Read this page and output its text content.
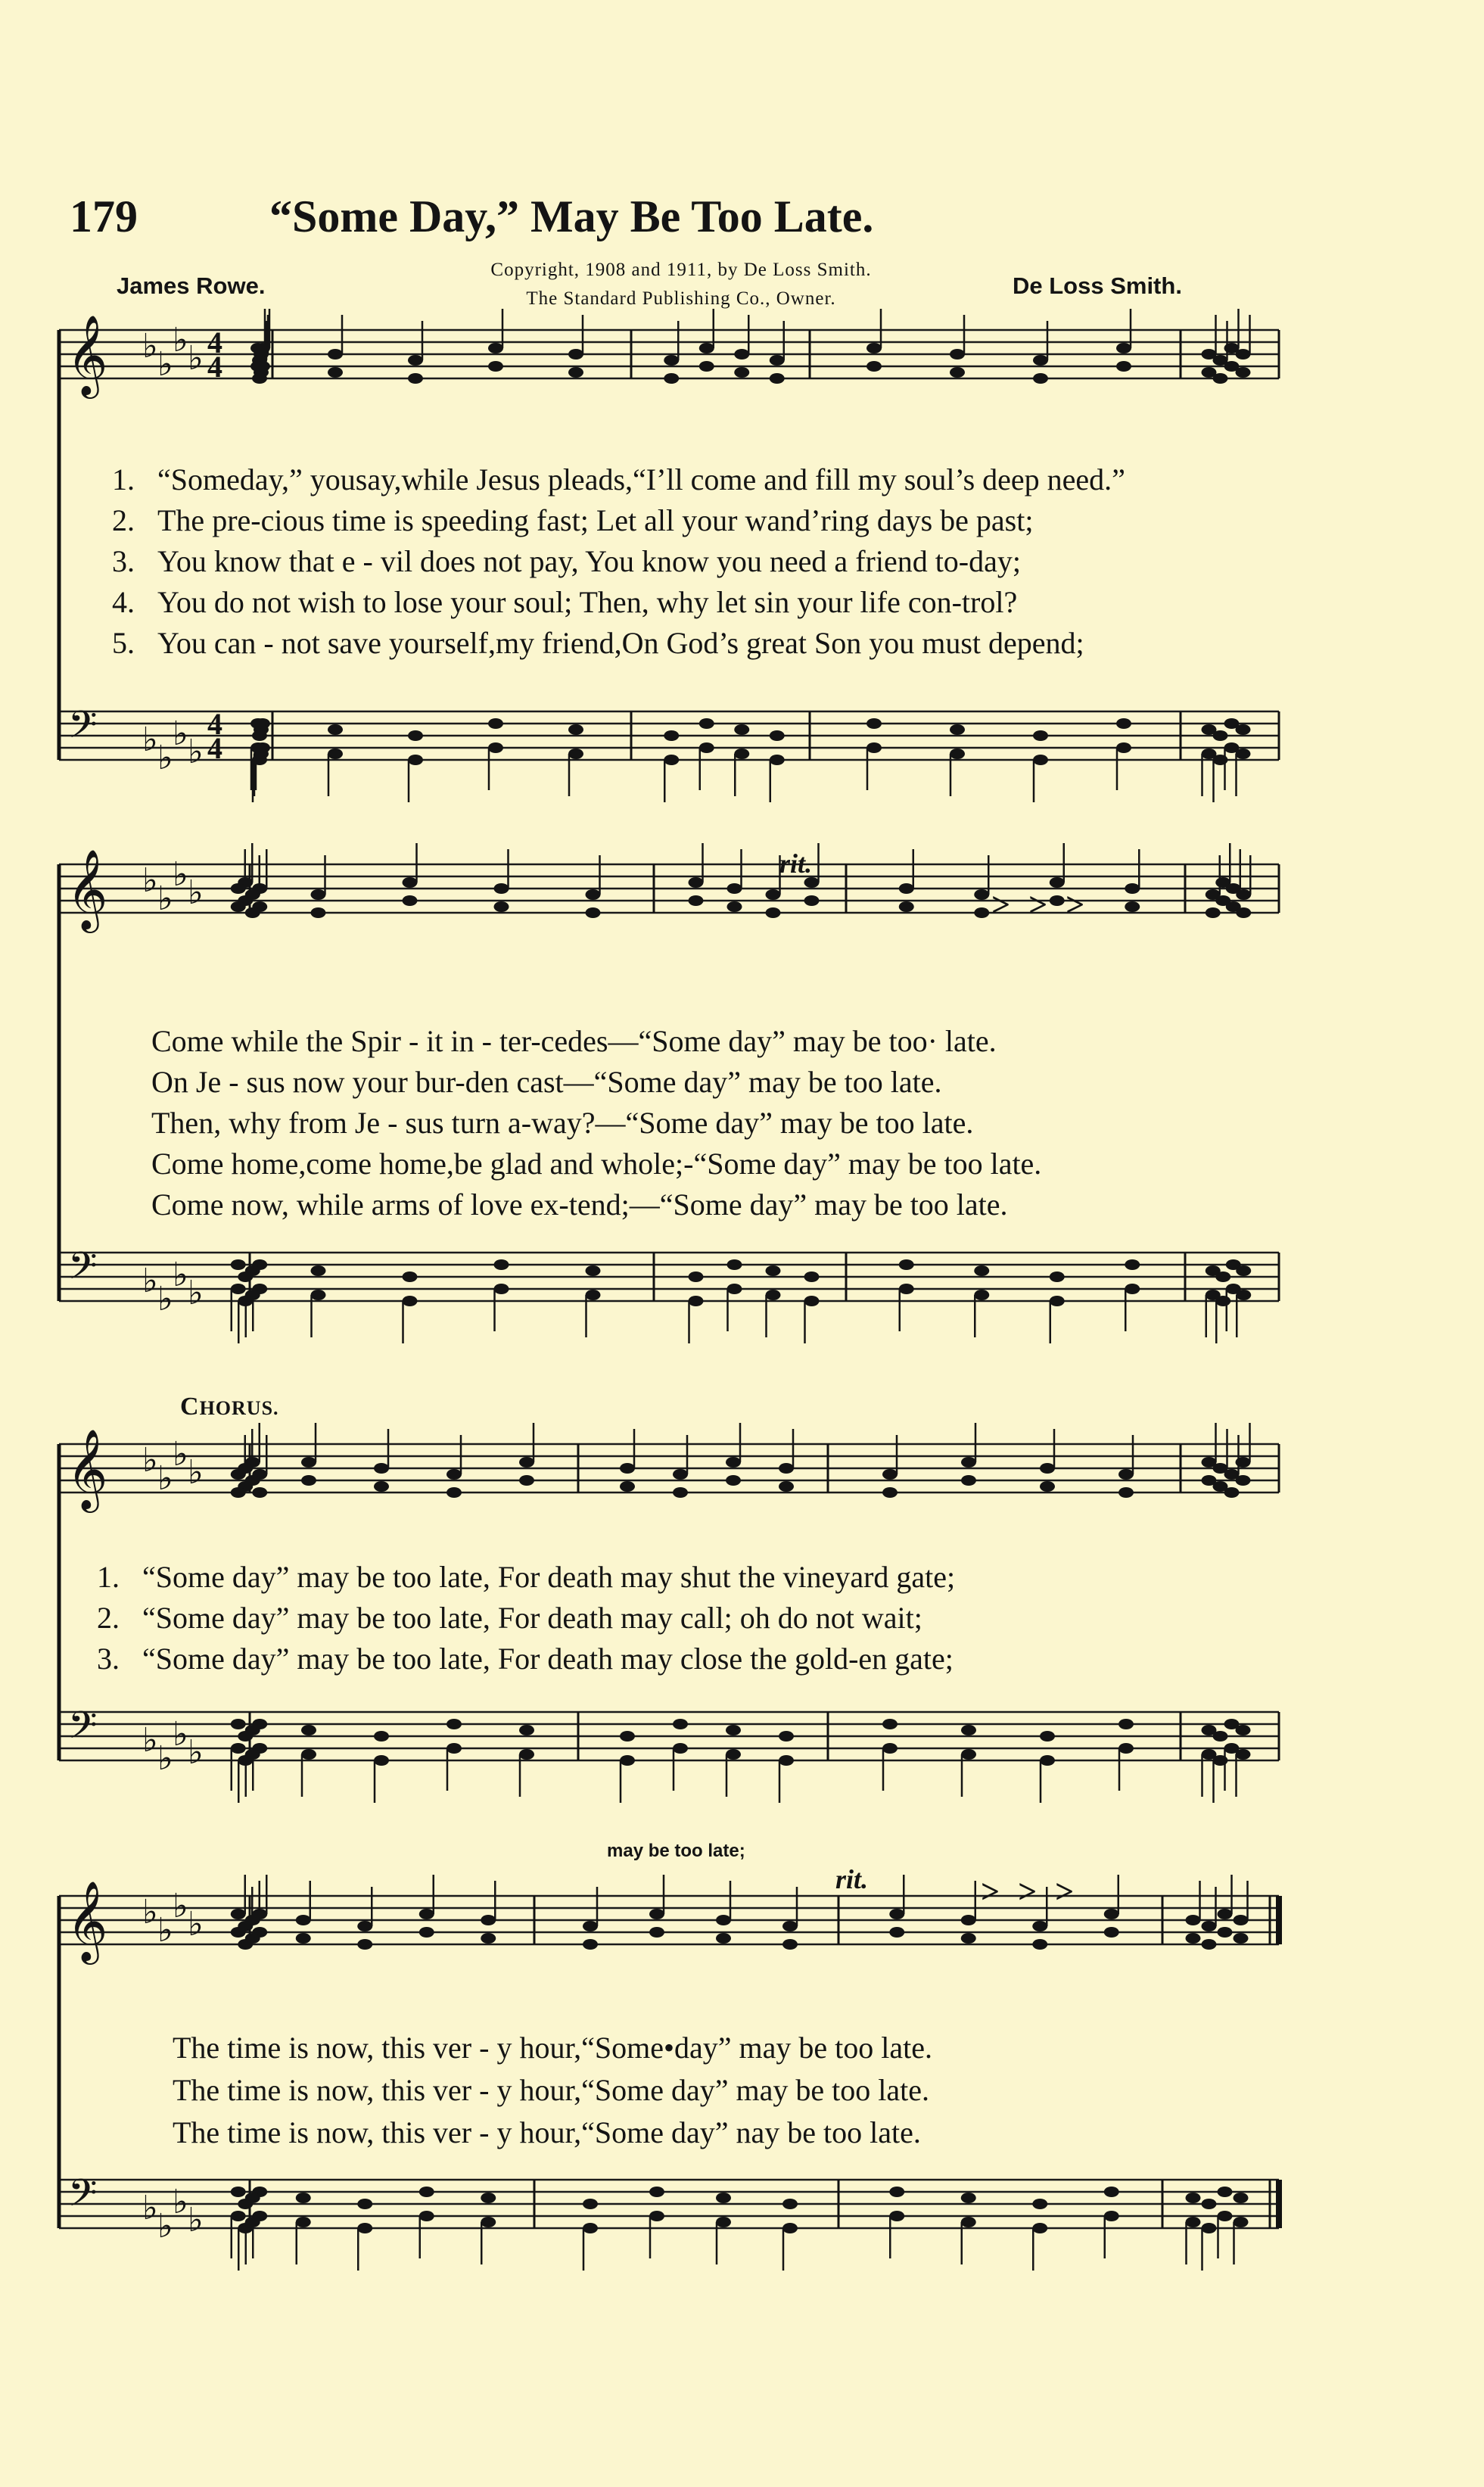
179	“Some Day,” May Be Too Late.
Copyright, 1908 and 1911, by De Loss Smith.
The Standard Publishing Co., Owner.
James Rowe.	De Loss Smith.
𝄞
𝄢
♭ ♭
♭ ♭
♭ ♭
♭ ♭
4
4
4
4
𝄞
𝄢
♭ ♭
♭ ♭
♭ ♭
♭ ♭
𝄞
𝄢
♭ ♭
♭ ♭
♭ ♭
♭ ♭
𝄞
𝄢
♭ ♭
♭ ♭
♭ ♭
♭ ♭
rit.
rit.
>>>
>>>
CHORUS.
may be too late;
1. “Someday,” yousay,while Jesus pleads,“I’ll come and fill my soul’s deep need.”
2. The pre-cious time is speeding fast; Let all your wand’ring days be past;
3. You know that e - vil does not pay, You know you need a friend to-day;
4. You do not wish to lose your soul; Then, why let sin your life con-trol?
5. You can - not save yourself,my friend,On God’s great Son you must depend;
Come while the Spir - it in - ter-cedes—“Some day” may be too· late.
On Je - sus now your bur-den cast—“Some day” may be too late.
Then, why from Je - sus turn a-way?—“Some day” may be too late.
Come home,come home,be glad and whole;-“Some day” may be too late.
Come now, while arms of love ex-tend;—“Some day” may be too late.
1. “Some day” may be too late, For death may shut the vineyard gate;
2. “Some day” may be too late, For death may call; oh do not wait;
3. “Some day” may be too late, For death may close the gold-en gate;
The time is now, this ver - y hour,“Some•day” may be too late.
The time is now, this ver - y hour,“Some day” may be too late.
The time is now, this ver - y hour,“Some day” nay be too late.
